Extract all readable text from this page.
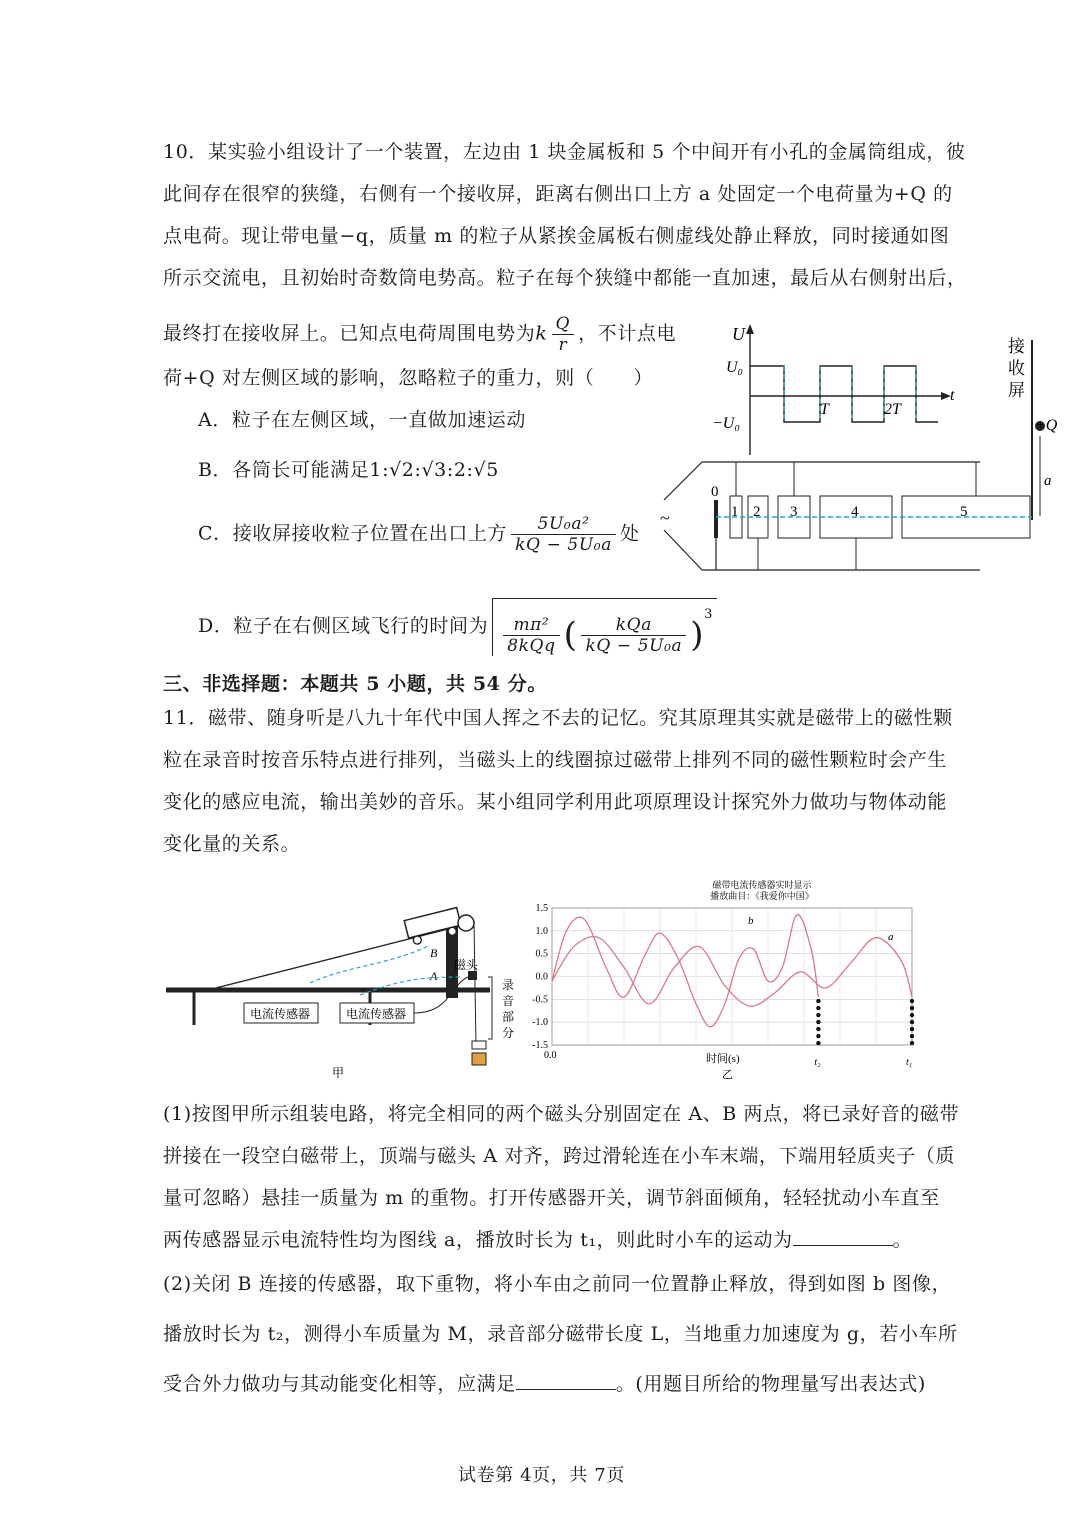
10．某实验小组设计了一个装置，左边由 1 块金属板和 5 个中间开有小孔的金属筒组成，彼
此间存在很窄的狭缝，右侧有一个接收屏，距离右侧出口上方 a 处固定一个电荷量为+Q 的
点电荷。现让带电量−q，质量 m 的粒子从紧挨金属板右侧虚线处静止释放，同时接通如图
所示交流电，且初始时奇数筒电势高。粒子在每个狭缝中都能一直加速，最后从右侧射出后，
最终打在接收屏上。已知点电荷周围电势为k $\frac{Q}{r}$ ，不计点电
荷+Q 对左侧区域的影响，忽略粒子的重力，则（　　）
A．粒子在左侧区域，一直做加速运动
B．各筒长可能满足1:√2:√3:2:√5
C．接收屏接收粒子位置在出口上方 $\frac{\text{5U₀a²}}{\text{kQ − 5U₀a}}$ 处
D．粒子在右侧区域飞行的时间为 $\frac{\text{mπ²}}{\text{8kQq}}$ ( $\frac{\text{kQa}}{\text{kQ − 5U₀a}} )^3$
U
t
U₀
−U₀
T	2T
接
收
屏
+Q
a
~
0
1 2 3	4	5
三、非选择题：本题共 5 小题，共 54 分。
11．磁带、随身听是八九十年代中国人挥之不去的记忆。究其原理其实就是磁带上的磁性颗
粒在录音时按音乐特点进行排列，当磁头上的线圈掠过磁带上排列不同的磁性颗粒时会产生
变化的感应电流，输出美妙的音乐。某小组同学利用此项原理设计探究外力做功与物体动能
变化量的关系。
B
A
磁头
电流传感器	电流传感器
录
音
部
分
甲
磁带电流传感器实时显示
播放曲目：《我爱你中国》
1.5
1.0
0.5
0.0
-0.5
-1.0
-1.5
0.0	时间(s)	t₂	t₁
乙
a
b
(1)按图甲所示组装电路，将完全相同的两个磁头分别固定在 A、B 两点，将已录好音的磁带
拼接在一段空白磁带上，顶端与磁头 A 对齐，跨过滑轮连在小车末端，下端用轻质夹子（质
量可忽略）悬挂一质量为 m 的重物。打开传感器开关，调节斜面倾角，轻轻扰动小车直至
两传感器显示电流特性均为图线 a，播放时长为 t₁，则此时小车的运动为	。
(2)关闭 B 连接的传感器，取下重物，将小车由之前同一位置静止释放，得到如图 b 图像，
播放时长为 t₂，测得小车质量为 M，录音部分磁带长度 L，当地重力加速度为 g，若小车所
受合外力做功与其动能变化相等，应满足	。(用题目所给的物理量写出表达式)
试卷第 4页，共 7页
